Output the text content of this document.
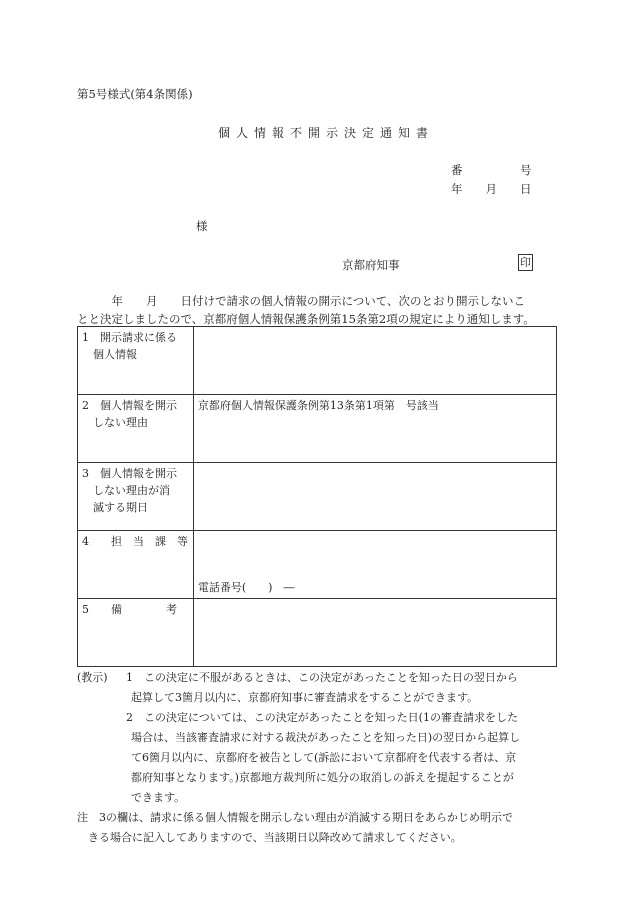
第5号様式(第4条関係)
個人情報不開示決定通知書
番　　　　　号
年　　月　　日
様
京都府知事	印
　　　年　　月　　日付けで請求の個人情報の開示について、次のとおり開示しないこ
とと決定しましたので、京都府個人情報保護条例第15条第2項の規定により通知します。
1　開示請求に係る
　個人情報	

2　個人情報を開示
　しない理由	京都府個人情報保護条例第13条第1項第　号該当

3　個人情報を開示
　しない理由が消
　滅する期日	

4　　担　当　課　等	電話番号(　　)　―

5　　備　　　　考	

(教示) 1　この決定に不服があるときは、この決定があったことを知った日の翌日から
起算して3箇月以内に、京都府知事に審査請求をすることができます。
2　この決定については、この決定があったことを知った日(1の審査請求をした
場合は、当該審査請求に対する裁決があったことを知った日)の翌日から起算し
て6箇月以内に、京都府を被告として(訴訟において京都府を代表する者は、京
都府知事となります。)京都地方裁判所に処分の取消しの訴えを提起することが
できます。
注　3の欄は、請求に係る個人情報を開示しない理由が消滅する期日をあらかじめ明示で
　きる場合に記入してありますので、当該期日以降改めて請求してください。
